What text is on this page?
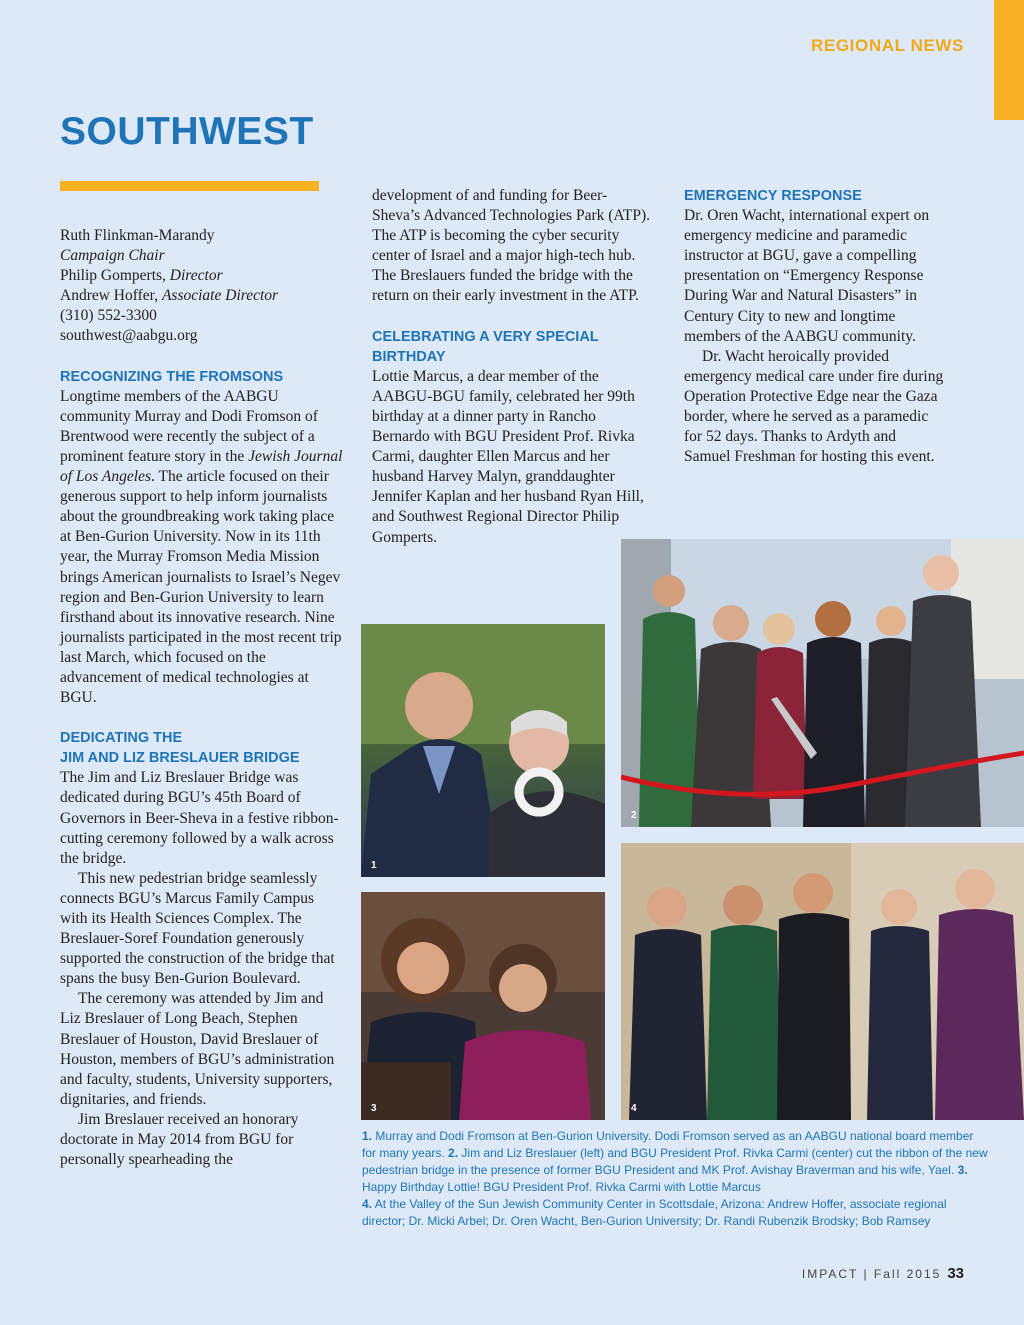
REGIONAL NEWS
SOUTHWEST

Ruth Flinkman-Marandy

Campaign Chair

Philip Gomperts, Director

Andrew Hoffer, Associate Director

(310) 552-3300

southwest@aabgu.org

RECOGNIZING THE FROMSONS

Longtime members of the AABGU community Murray and Dodi Fromson of Brentwood were recently the subject of a prominent feature story in the Jewish Journal of Los Angeles. The article focused on their generous support to help inform journalists about the groundbreaking work taking place at Ben-Gurion University. Now in its 11th year, the Murray Fromson Media Mission brings American journalists to Israel’s Negev region and Ben-Gurion University to learn firsthand about its innovative research. Nine journalists participated in the most recent trip last March, which focused on the advancement of medical technologies at BGU.

DEDICATING THE
JIM AND LIZ BRESLAUER BRIDGE

The Jim and Liz Breslauer Bridge was dedicated during BGU’s 45th Board of Governors in Beer-Sheva in a festive ribbon-cutting ceremony followed by a walk across the bridge.

This new pedestrian bridge seamlessly connects BGU’s Marcus Family Campus with its Health Sciences Complex. The Breslauer-Soref Foundation generously supported the construction of the bridge that spans the busy Ben-Gurion Boulevard.

The ceremony was attended by Jim and Liz Breslauer of Long Beach, Stephen Breslauer of Houston, David Breslauer of Houston, members of BGU’s administration and faculty, students, University supporters, dignitaries, and friends.

Jim Breslauer received an honorary doctorate in May 2014 from BGU for personally spearheading the

development of and funding for Beer-Sheva’s Advanced Technologies Park (ATP). The ATP is becoming the cyber security center of Israel and a major high-tech hub. The Breslauers funded the bridge with the return on their early investment in the ATP.

CELEBRATING A VERY SPECIAL
BIRTHDAY

Lottie Marcus, a dear member of the AABGU-BGU family, celebrated her 99th birthday at a dinner party in Rancho Bernardo with BGU President Prof. Rivka Carmi, daughter Ellen Marcus and her husband Harvey Malyn, granddaughter Jennifer Kaplan and her husband Ryan Hill, and Southwest Regional Director Philip Gomperts.

EMERGENCY RESPONSE

Dr. Oren Wacht, international expert on emergency medicine and paramedic instructor at BGU, gave a compelling presentation on “Emergency Response During War and Natural Disasters” in Century City to new and longtime members of the AABGU community.

Dr. Wacht heroically provided emergency medical care under fire during Operation Protective Edge near the Gaza border, where he served as a paramedic for 52 days. Thanks to Ardyth and Samuel Freshman for hosting this event.

1
2
3	4

1. Murray and Dodi Fromson at Ben-Gurion University. Dodi Fromson served as an AABGU national board member for many years. 2. Jim and Liz Breslauer (left) and BGU President Prof. Rivka Carmi (center) cut the ribbon of the new pedestrian bridge in the presence of former BGU President and MK Prof. Avishay Braverman and his wife, Yael. 3. Happy Birthday Lottie! BGU President Prof. Rivka Carmi with Lottie Marcus
4. At the Valley of the Sun Jewish Community Center in Scottsdale, Arizona: Andrew Hoffer, associate regional director; Dr. Micki Arbel; Dr. Oren Wacht, Ben-Gurion University; Dr. Randi Rubenzik Brodsky; Bob Ramsey

IMPACT | Fall 2015 33
